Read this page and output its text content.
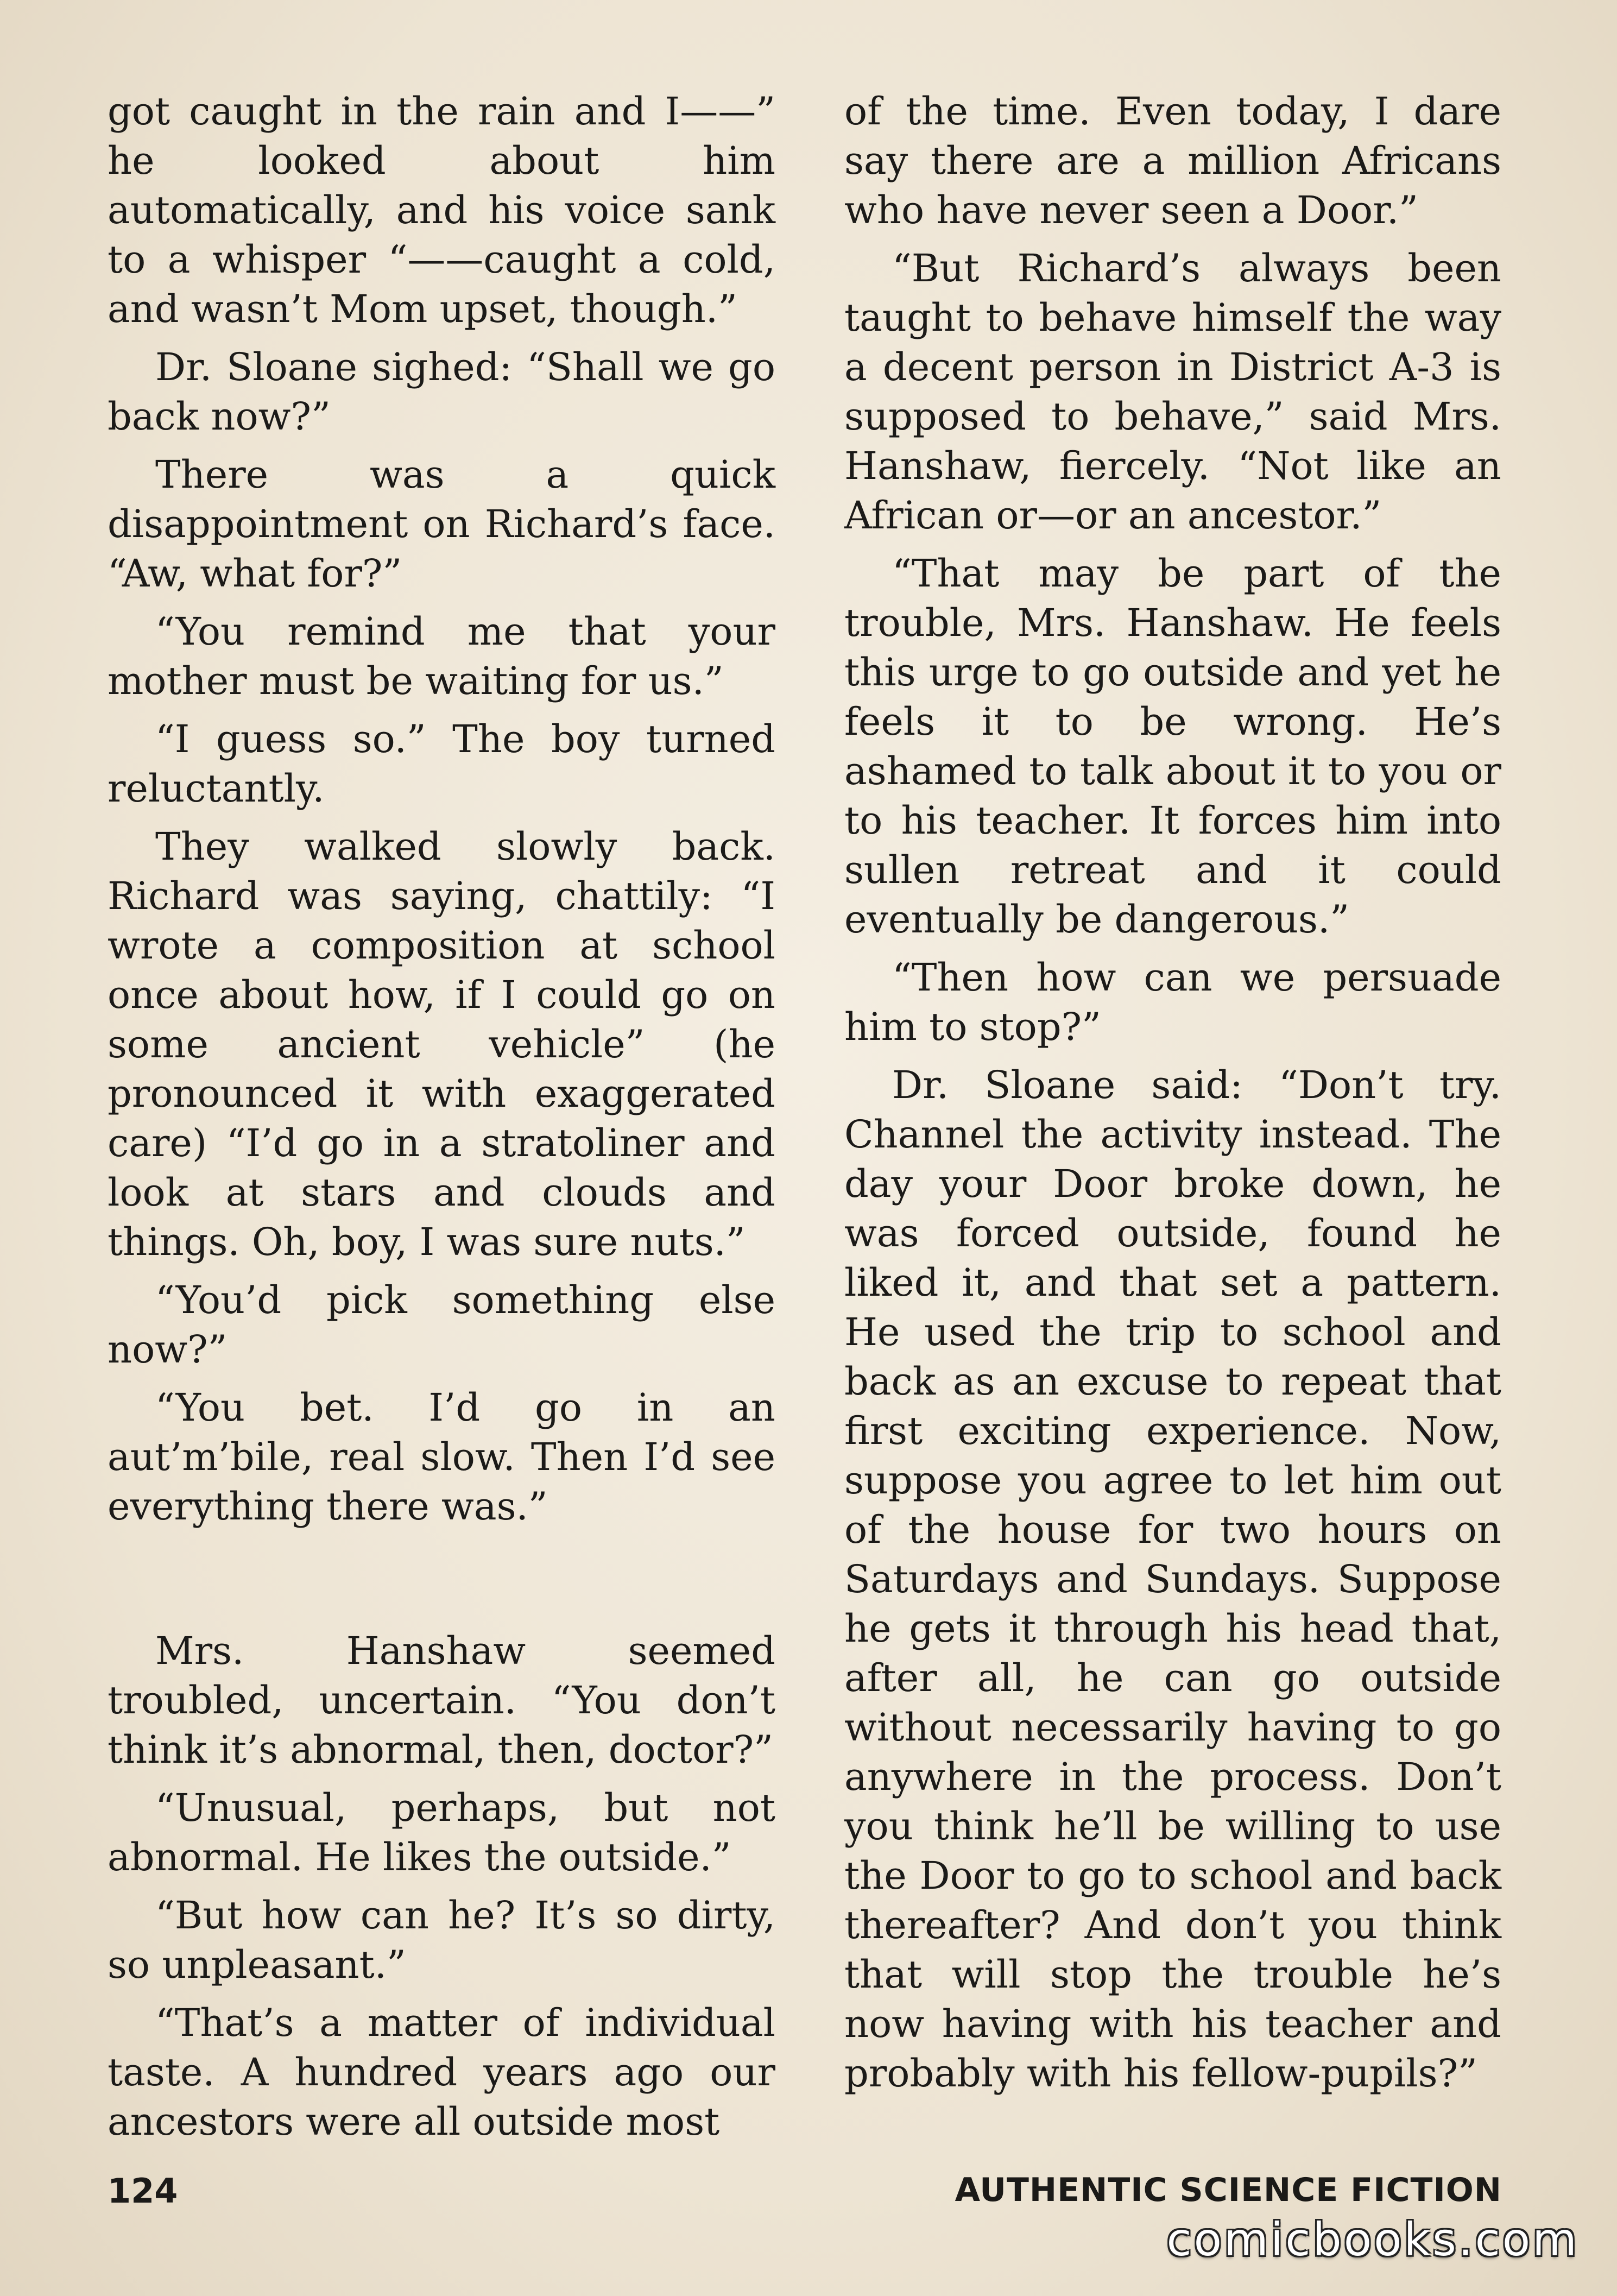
got caught in the rain and I——” he looked about him automatically, and his voice sank to a whisper “——caught a cold, and wasn’t Mom upset, though.”

Dr. Sloane sighed: “Shall we go back now?”

There was a quick disappointment on Richard’s face. “Aw, what for?”

“You remind me that your mother must be waiting for us.”

“I guess so.” The boy turned reluctantly.

They walked slowly back. Richard was saying, chattily: “I wrote a composition at school once about how, if I could go on some ancient vehicle” (he pronounced it with exaggerated care) “I’d go in a stratoliner and look at stars and clouds and things. Oh, boy, I was sure nuts.”

“You’d pick something else now?”

“You bet. I’d go in an aut’m’bile, real slow. Then I’d see everything there was.”

Mrs. Hanshaw seemed troubled, uncertain. “You don’t think it’s abnormal, then, doctor?”

“Unusual, perhaps, but not abnormal. He likes the outside.”

“But how can he? It’s so dirty, so unpleasant.”

“That’s a matter of individual taste. A hundred years ago our ancestors were all outside most

of the time. Even today, I dare say there are a million Africans who have never seen a Door.”

“But Richard’s always been taught to behave himself the way a decent person in District A-3 is supposed to behave,” said Mrs. Hanshaw, fiercely. “Not like an African or—or an ancestor.”

“That may be part of the trouble, Mrs. Hanshaw. He feels this urge to go outside and yet he feels it to be wrong. He’s ashamed to talk about it to you or to his teacher. It forces him into sullen retreat and it could eventually be dangerous.”

“Then how can we persuade him to stop?”

Dr. Sloane said: “Don’t try. Channel the activity instead. The day your Door broke down, he was forced outside, found he liked it, and that set a pattern. He used the trip to school and back as an excuse to repeat that first exciting experience. Now, suppose you agree to let him out of the house for two hours on Saturdays and Sundays. Suppose he gets it through his head that, after all, he can go outside without necessarily having to go anywhere in the process. Don’t you think he’ll be willing to use the Door to go to school and back thereafter? And don’t you think that will stop the trouble he’s now having with his teacher and probably with his fellow-pupils?”

124	AUTHENTIC SCIENCE FICTION
comicbooks.com
